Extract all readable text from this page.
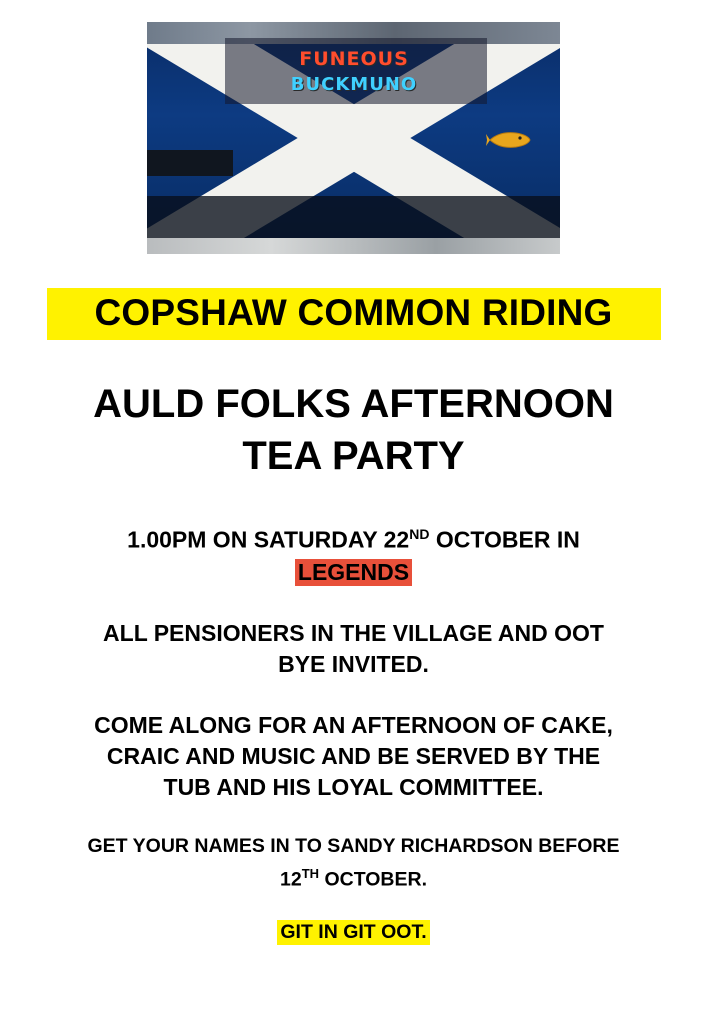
FUNEOUS
BUCKMUNO
COPSHAW COMMON RIDING
AULD FOLKS AFTERNOON
TEA PARTY
1.00PM ON SATURDAY 22ND OCTOBER IN
LEGENDS
ALL PENSIONERS IN THE VILLAGE AND OOT
BYE INVITED.
COME ALONG FOR AN AFTERNOON OF CAKE,
CRAIC AND MUSIC AND BE SERVED BY THE
TUB AND HIS LOYAL COMMITTEE.
GET YOUR NAMES IN TO SANDY RICHARDSON BEFORE
12TH OCTOBER.
GIT IN GIT OOT.
